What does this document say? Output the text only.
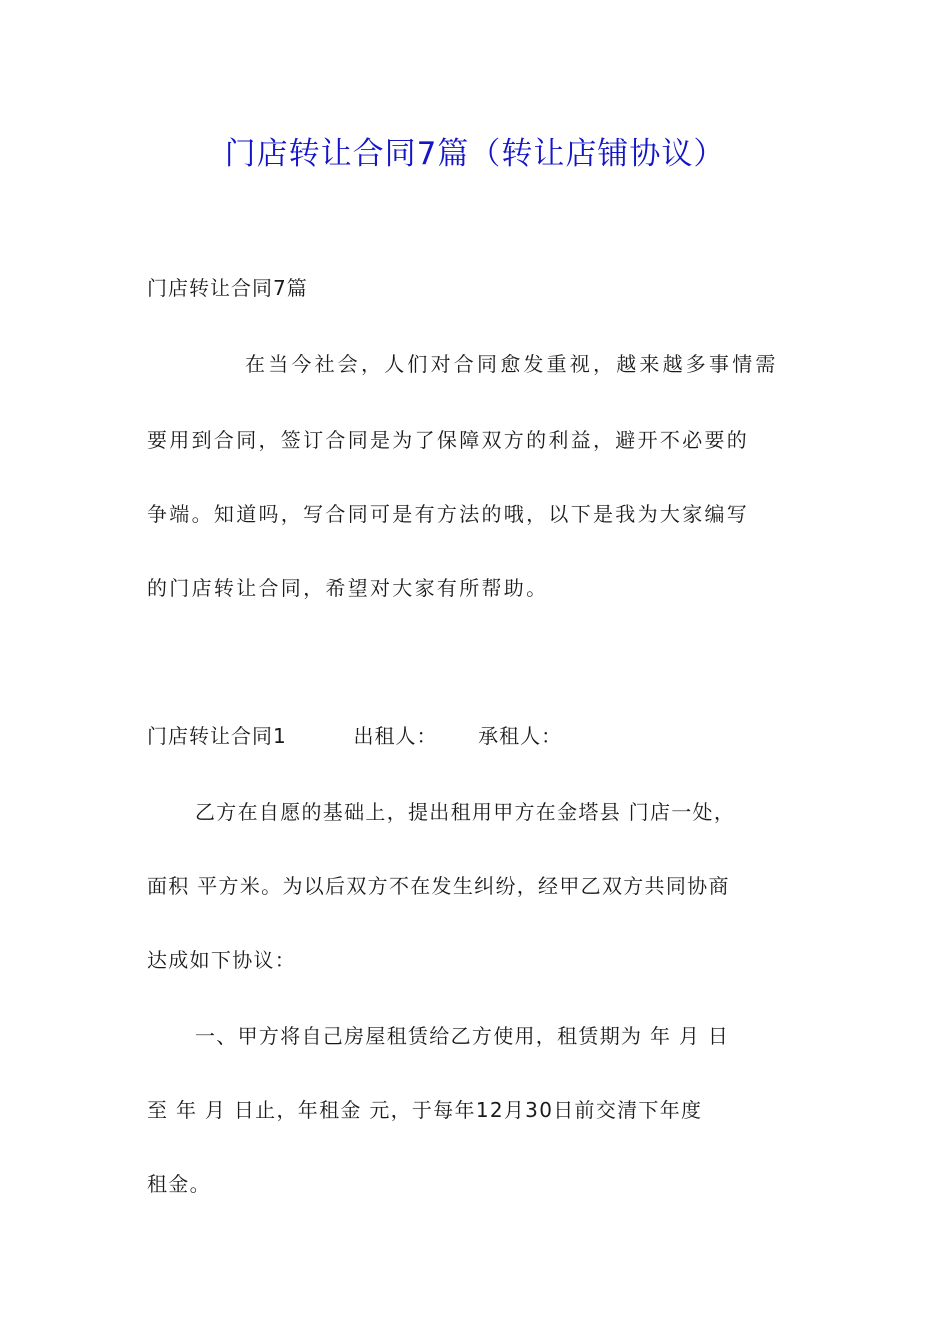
门店转让合同7篇（转让店铺协议）
门店转让合同7篇
在当今社会，人们对合同愈发重视，越来越多事情需
要用到合同，签订合同是为了保障双方的利益，避开不必要的
争端。知道吗，写合同可是有方法的哦，以下是我为大家编写
的门店转让合同，希望对大家有所帮助。
门店转让合同1	出租人： 承租人：
乙方在自愿的基础上，提出租用甲方在金塔县 门店一处，
面积 平方米。为以后双方不在发生纠纷，经甲乙双方共同协商
达成如下协议：
一、甲方将自己房屋租赁给乙方使用，租赁期为 年 月 日
至 年 月 日止，年租金 元，于每年12月30日前交清下年度
租金。
